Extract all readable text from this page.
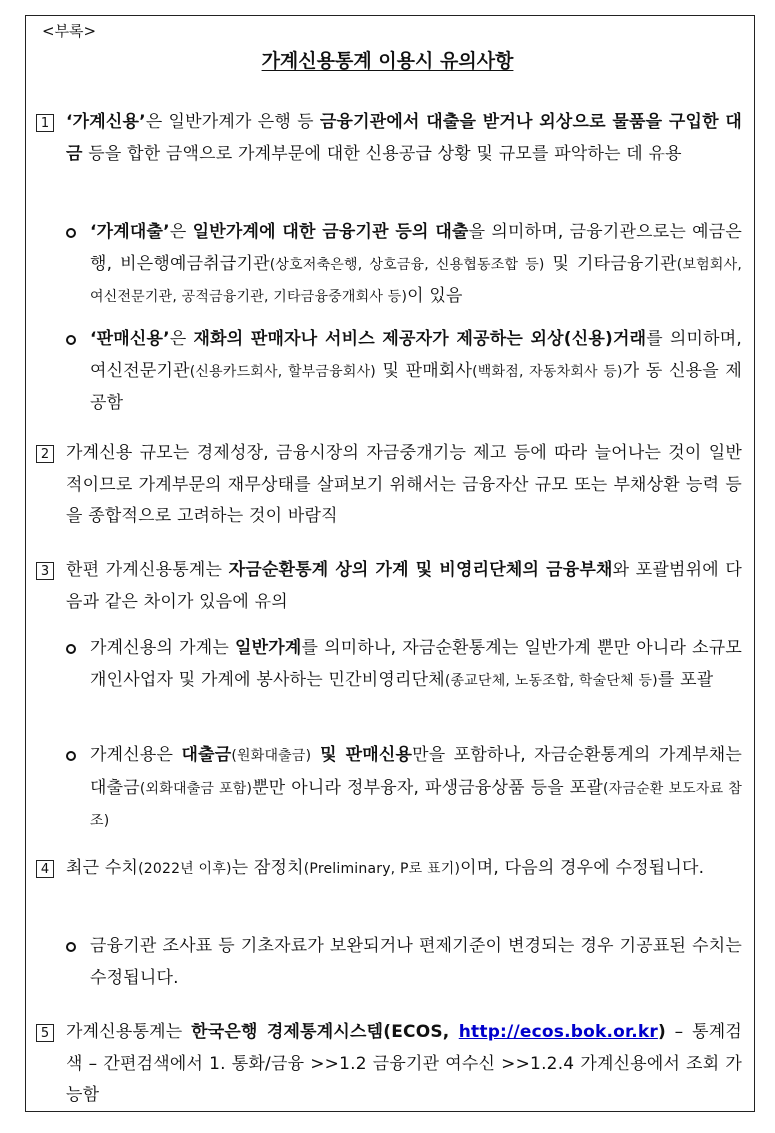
<부록>
가계신용통계 이용시 유의사항
1 ‘가계신용’은 일반가계가 은행 등 금융기관에서 대출을 받거나 외상으로 물품을 구입한 대금 등을 합한 금액으로 가계부문에 대한 신용공급 상황 및 규모를 파악하는 데 유용
‘가계대출’은 일반가계에 대한 금융기관 등의 대출을 의미하며, 금융기관으로는 예금은행, 비은행예금취급기관(상호저축은행, 상호금융, 신용협동조합 등) 및 기타금융기관(보험회사, 여신전문기관, 공적금융기관, 기타금융중개회사 등)이 있음
‘판매신용’은 재화의 판매자나 서비스 제공자가 제공하는 외상(신용)거래를 의미하며, 여신전문기관(신용카드회사, 할부금융회사) 및 판매회사(백화점, 자동차회사 등)가 동 신용을 제공함
2 가계신용 규모는 경제성장, 금융시장의 자금중개기능 제고 등에 따라 늘어나는 것이 일반적이므로 가계부문의 재무상태를 살펴보기 위해서는 금융자산 규모 또는 부채상환 능력 등을 종합적으로 고려하는 것이 바람직
3 한편 가계신용통계는 자금순환통계 상의 가계 및 비영리단체의 금융부채와 포괄범위에 다음과 같은 차이가 있음에 유의
가계신용의 가계는 일반가계를 의미하나, 자금순환통계는 일반가계 뿐만 아니라 소규모 개인사업자 및 가계에 봉사하는 민간비영리단체(종교단체, 노동조합, 학술단체 등)를 포괄
가계신용은 대출금(원화대출금) 및 판매신용만을 포함하나, 자금순환통계의 가계부채는 대출금(외화대출금 포함)뿐만 아니라 정부융자, 파생금융상품 등을 포괄(자금순환 보도자료 참조)
4 최근 수치(2022년 이후)는 잠정치(Preliminary, P로 표기)이며, 다음의 경우에 수정됩니다.
금융기관 조사표 등 기초자료가 보완되거나 편제기준이 변경되는 경우 기공표된 수치는 수정됩니다.
5 가계신용통계는 한국은행 경제통계시스템(ECOS, http://ecos.bok.or.kr) – 통계검색 – 간편검색에서 1. 통화/금융 >>1.2 금융기관 여수신 >>1.2.4 가계신용에서 조회 가능함
